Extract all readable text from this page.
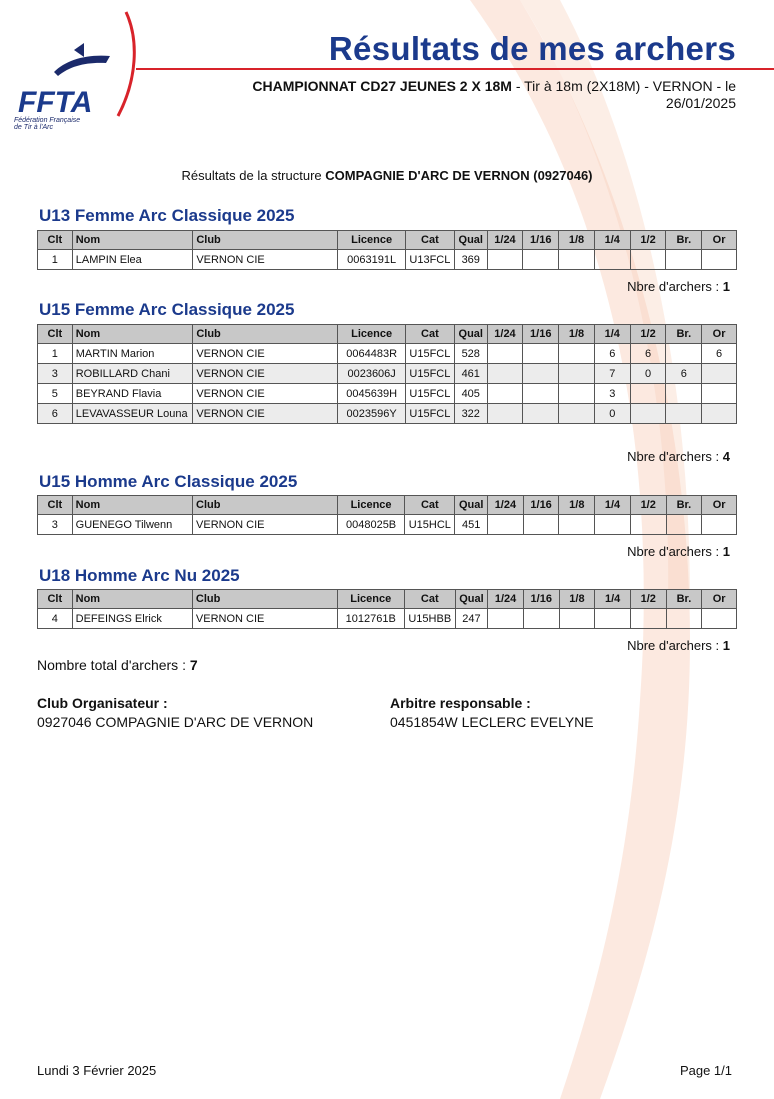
FFTA
Fédération Française
de Tir à l'Arc
Résultats de mes archers
CHAMPIONNAT CD27 JEUNES 2 X 18M - Tir à 18m (2X18M) - VERNON - le
26/01/2025
Résultats de la structure COMPAGNIE D'ARC DE VERNON (0927046)
U13 Femme Arc Classique 2025
Clt	Nom	Club	Licence	Cat	Qual	1/24	1/16	1/8	1/4	1/2	Br.	Or
1	LAMPIN Elea	VERNON CIE	0063191L	U13FCL	369							
Nbre d'archers : 1
U15 Femme Arc Classique 2025
Clt	Nom	Club	Licence	Cat	Qual	1/24	1/16	1/8	1/4	1/2	Br.	Or
1	MARTIN Marion	VERNON CIE	0064483R	U15FCL	528				6	6		6
3	ROBILLARD Chani	VERNON CIE	0023606J	U15FCL	461				7	0	6	
5	BEYRAND Flavia	VERNON CIE	0045639H	U15FCL	405				3			
6	LEVAVASSEUR Louna	VERNON CIE	0023596Y	U15FCL	322				0			
Nbre d'archers : 4
U15 Homme Arc Classique 2025
Clt	Nom	Club	Licence	Cat	Qual	1/24	1/16	1/8	1/4	1/2	Br.	Or
3	GUENEGO Tilwenn	VERNON CIE	0048025B	U15HCL	451							
Nbre d'archers : 1
U18 Homme Arc Nu 2025
Clt	Nom	Club	Licence	Cat	Qual	1/24	1/16	1/8	1/4	1/2	Br.	Or
4	DEFEINGS Elrick	VERNON CIE	1012761B	U15HBB	247							
Nbre d'archers : 1
Nombre total d'archers : 7
Club Organisateur :
0927046 COMPAGNIE D'ARC DE VERNON
Arbitre responsable :
0451854W LECLERC EVELYNE
Lundi 3 Février 2025	Page 1/1
